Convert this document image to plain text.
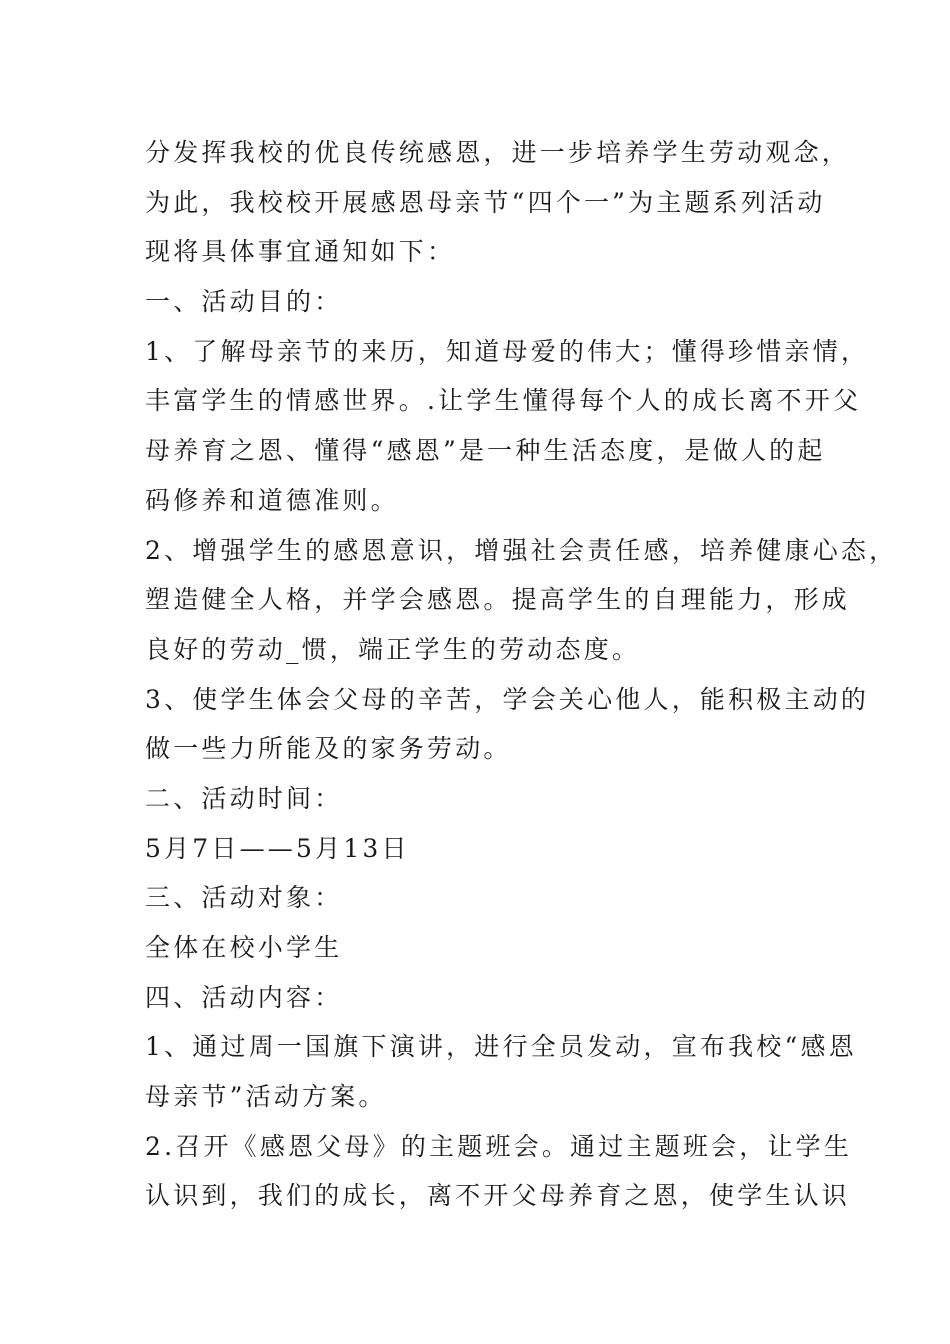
分发挥我校的优良传统感恩，进一步培养学生劳动观念，
为此，我校校开展感恩母亲节“四个一”为主题系列活动
现将具体事宜通知如下：
一、活动目的：
1、了解母亲节的来历，知道母爱的伟大；懂得珍惜亲情，
丰富学生的情感世界。.让学生懂得每个人的成长离不开父
母养育之恩、懂得“感恩”是一种生活态度，是做人的起
码修养和道德准则。
2、增强学生的感恩意识，增强社会责任感，培养健康心态，
塑造健全人格，并学会感恩。提高学生的自理能力，形成
良好的劳动_惯，端正学生的劳动态度。
3、使学生体会父母的辛苦，学会关心他人，能积极主动的
做一些力所能及的家务劳动。
二、活动时间：
5月7日——5月13日
三、活动对象：
全体在校小学生
四、活动内容：
1、通过周一国旗下演讲，进行全员发动，宣布我校“感恩
母亲节”活动方案。
2.召开《感恩父母》的主题班会。通过主题班会，让学生
认识到，我们的成长，离不开父母养育之恩，使学生认识
